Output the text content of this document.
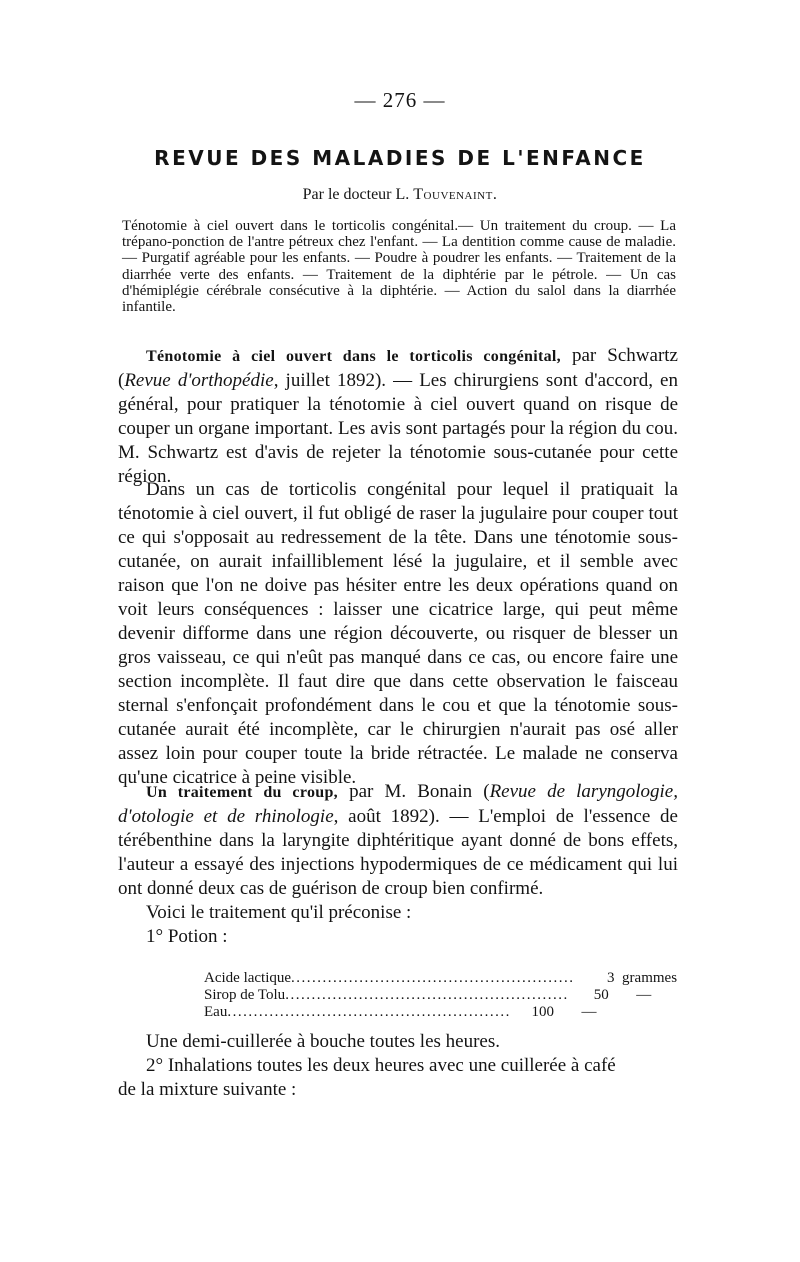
— 276 —
REVUE DES MALADIES DE L'ENFANCE
Par le docteur L. Touvenaint.

Ténotomie à ciel ouvert dans le torticolis congénital.— Un traitement du croup. — La trépano-ponction de l'antre pétreux chez l'enfant. — La dentition comme cause de maladie. — Purgatif agréable pour les enfants. — Poudre à poudrer les enfants. — Traitement de la diarrhée verte des enfants. — Traitement de la diphtérie par le pétrole. — Un cas d'hémiplégie cérébrale consécutive à la diphtérie. — Action du salol dans la diarrhée infantile.

Ténotomie à ciel ouvert dans le torticolis congénital, par Schwartz (Revue d'orthopédie, juillet 1892). — Les chirurgiens sont d'accord, en général, pour pratiquer la ténotomie à ciel ouvert quand on risque de couper un organe important. Les avis sont partagés pour la région du cou. M. Schwartz est d'avis de rejeter la ténotomie sous-cutanée pour cette région.

Dans un cas de torticolis congénital pour lequel il pratiquait la ténotomie à ciel ouvert, il fut obligé de raser la jugulaire pour couper tout ce qui s'opposait au redressement de la tête. Dans une ténotomie sous-cutanée, on aurait infailliblement lésé la jugulaire, et il semble avec raison que l'on ne doive pas hésiter entre les deux opérations quand on voit leurs conséquences : laisser une cicatrice large, qui peut même devenir difforme dans une région découverte, ou risquer de blesser un gros vaisseau, ce qui n'eût pas manqué dans ce cas, ou encore faire une section incomplète. Il faut dire que dans cette observation le faisceau sternal s'enfonçait profondément dans le cou et que la ténotomie sous-cutanée aurait été incomplète, car le chirurgien n'aurait pas osé aller assez loin pour couper toute la bride rétractée. Le malade ne conserva qu'une cicatrice à peine visible.

Un traitement du croup, par M. Bonain (Revue de laryngologie, d'otologie et de rhinologie, août 1892). — L'emploi de l'essence de térébenthine dans la laryngite diphtéritique ayant donné de bons effets, l'auteur a essayé des injections hypodermiques de ce médicament qui lui ont donné deux cas de guérison de croup bien confirmé.

Voici le traitement qu'il préconise :

1° Potion :

Acide lactique ......................................................	3 grammes
Sirop de Tolu ......................................................	50	—
Eau ......................................................	100	—
Une demi-cuillerée à bouche toutes les heures.
2° Inhalations toutes les deux heures avec une cuillerée à café
de la mixture suivante :
